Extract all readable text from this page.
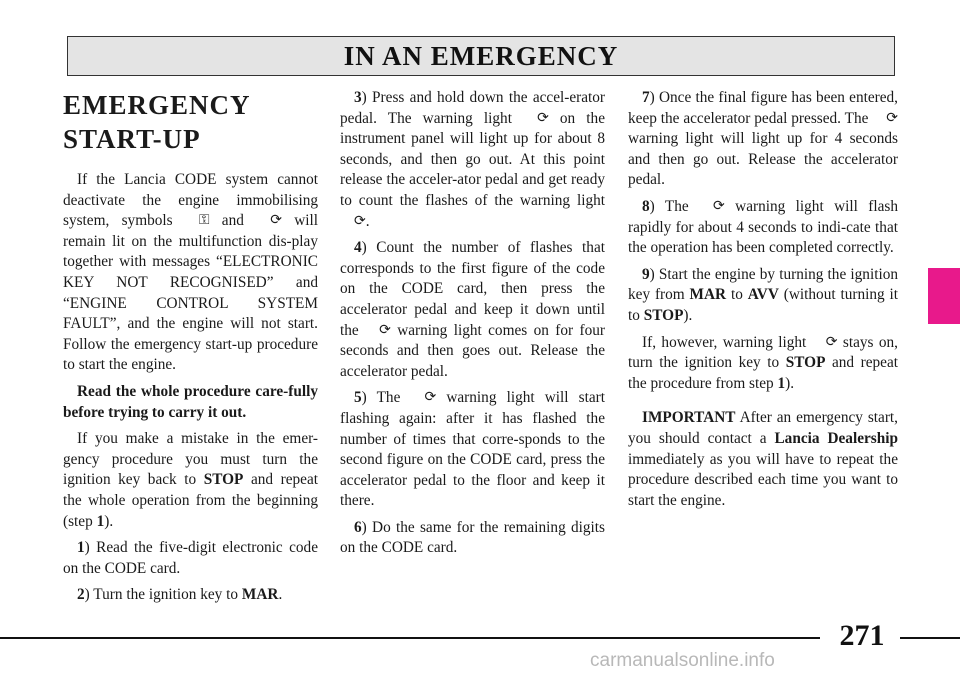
IN AN EMERGENCY
EMERGENCY
START-UP

If the Lancia CODE system cannot deactivate the engine immobilising system, symbols ⚿ and ⟳ will remain lit on the multifunction dis-play together with messages “ELECTRONIC KEY NOT RECOGNISED” and “ENGINE CONTROL SYSTEM FAULT”, and the engine will not start. Follow the emergency start-up procedure to start the engine.

Read the whole procedure care-fully before trying to carry it out.

If you make a mistake in the emer-gency procedure you must turn the ignition key back to STOP and repeat the whole operation from the beginning (step 1).

1) Read the five-digit electronic code on the CODE card.

2) Turn the ignition key to MAR.

3) Press and hold down the accel-erator pedal. The warning light ⟳ on the instrument panel will light up for about 8 seconds, and then go out. At this point release the acceler-ator pedal and get ready to count the flashes of the warning light ⟳.

4) Count the number of flashes that corresponds to the first figure of the code on the CODE card, then press the accelerator pedal and keep it down until the ⟳ warning light comes on for four seconds and then goes out. Release the accelerator pedal.

5) The ⟳ warning light will start flashing again: after it has flashed the number of times that corre-sponds to the second figure on the CODE card, press the accelerator pedal to the floor and keep it there.

6) Do the same for the remaining digits on the CODE card.

7) Once the final figure has been entered, keep the accelerator pedal pressed. The ⟳ warning light will light up for 4 seconds and then go out. Release the accelerator pedal.

8) The ⟳ warning light will flash rapidly for about 4 seconds to indi-cate that the operation has been completed correctly.

9) Start the engine by turning the ignition key from MAR to AVV (without turning it to STOP).

If, however, warning light ⟳ stays on, turn the ignition key to STOP and repeat the procedure from step 1).

IMPORTANT After an emergency start, you should contact a Lancia Dealership immediately as you will have to repeat the procedure described each time you want to start the engine.

271
carmanualsonline.info
